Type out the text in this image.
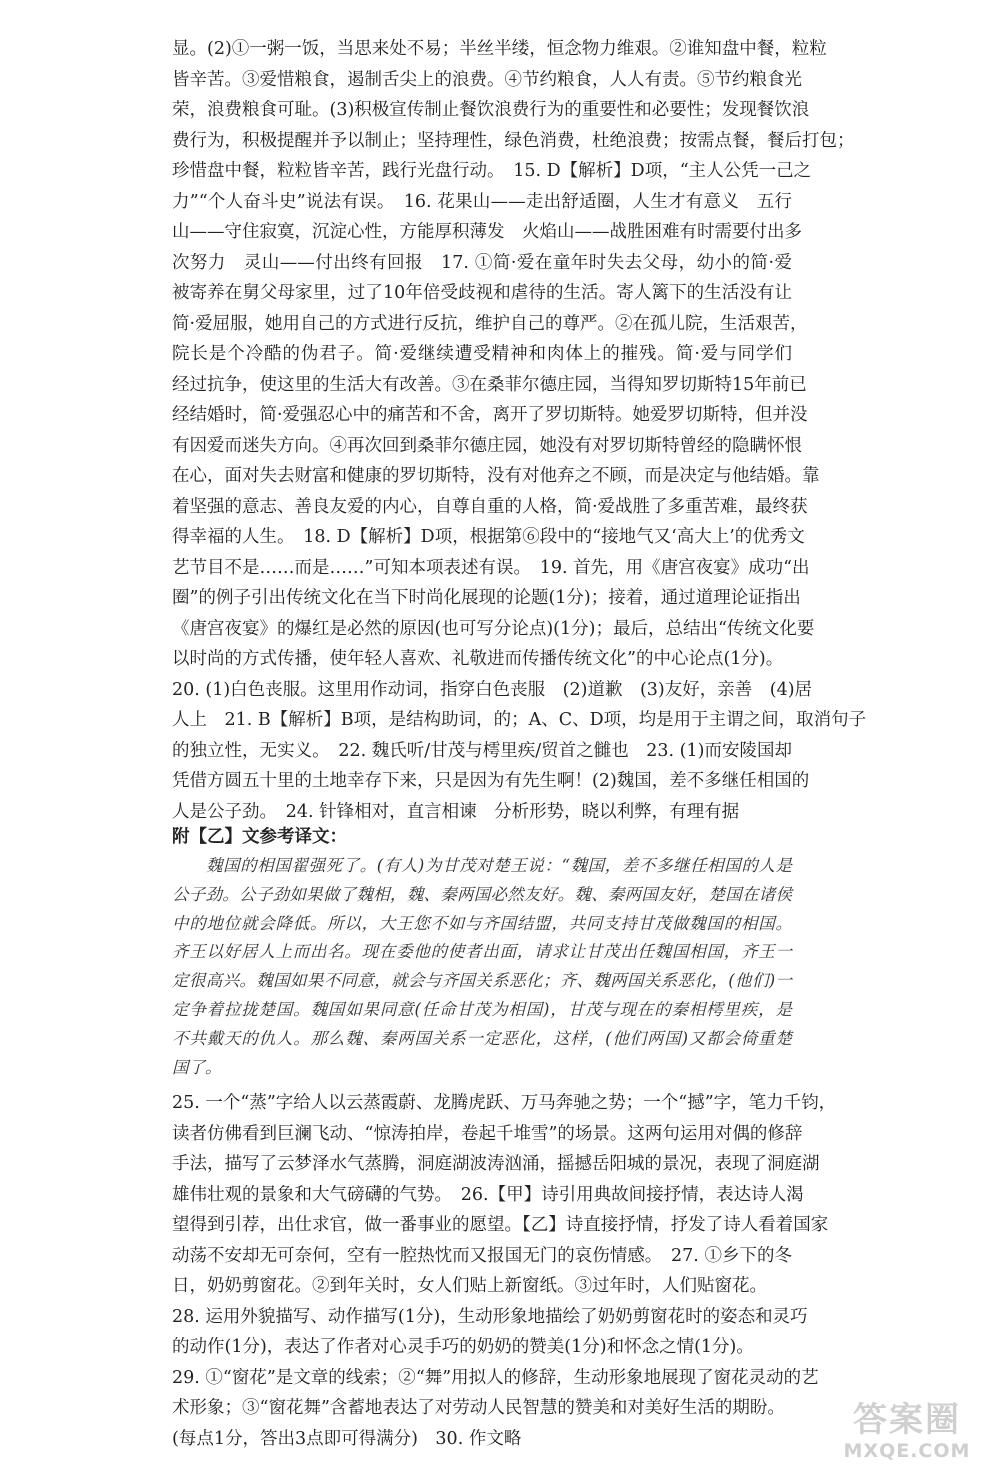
显。(2)①一粥一饭，当思来处不易；半丝半缕，恒念物力维艰。②谁知盘中餐，粒粒
皆辛苦。③爱惜粮食，遏制舌尖上的浪费。④节约粮食，人人有责。⑤节约粮食光
荣，浪费粮食可耻。(3)积极宣传制止餐饮浪费行为的重要性和必要性；发现餐饮浪
费行为，积极提醒并予以制止；坚持理性，绿色消费，杜绝浪费；按需点餐，餐后打包；
珍惜盘中餐，粒粒皆辛苦，践行光盘行动。　15. D【解析】D项，“主人公凭一己之
力”“个人奋斗史”说法有误。　16. 花果山——走出舒适圈，人生才有意义　五行
山——守住寂寞，沉淀心性，方能厚积薄发　火焰山——战胜困难有时需要付出多
次努力　灵山——付出终有回报　17. ①简·爱在童年时失去父母，幼小的简·爱
被寄养在舅父母家里，过了10年倍受歧视和虐待的生活。寄人篱下的生活没有让
简·爱屈服，她用自己的方式进行反抗，维护自己的尊严。②在孤儿院，生活艰苦，
院长是个冷酷的伪君子。简·爱继续遭受精神和肉体上的摧残。简·爱与同学们
经过抗争，使这里的生活大有改善。③在桑菲尔德庄园，当得知罗切斯特15年前已
经结婚时，简·爱强忍心中的痛苦和不舍，离开了罗切斯特。她爱罗切斯特，但并没
有因爱而迷失方向。④再次回到桑菲尔德庄园，她没有对罗切斯特曾经的隐瞒怀恨
在心，面对失去财富和健康的罗切斯特，没有对他弃之不顾，而是决定与他结婚。靠
着坚强的意志、善良友爱的内心，自尊自重的人格，简·爱战胜了多重苦难，最终获
得幸福的人生。　18. D【解析】D项，根据第⑥段中的“接地气又‘高大上’的优秀文
艺节目不是……而是……”可知本项表述有误。　19. 首先，用《唐宫夜宴》成功“出
圈”的例子引出传统文化在当下时尚化展现的论题(1分)；接着，通过道理论证指出
《唐宫夜宴》的爆红是必然的原因(也可写分论点)(1分)；最后，总结出“传统文化要
以时尚的方式传播，使年轻人喜欢、礼敬进而传播传统文化”的中心论点(1分)。
20. (1)白色丧服。这里用作动词，指穿白色丧服　(2)道歉　(3)友好，亲善　(4)居
人上　21. B【解析】B项，是结构助词，的；A、C、D项，均是用于主谓之间，取消句子
的独立性，无实义。　22. 魏氏听/甘茂与樗里疾/贸首之雠也　23. (1)而安陵国却
凭借方圆五十里的土地幸存下来，只是因为有先生啊！(2)魏国，差不多继任相国的
人是公子劲。　24. 针锋相对，直言相谏　分析形势，晓以利弊，有理有据
附【乙】文参考译文：
魏国的相国翟强死了。(有人)为甘茂对楚王说：“魏国，差不多继任相国的人是
公子劲。公子劲如果做了魏相，魏、秦两国必然友好。魏、秦两国友好，楚国在诸侯
中的地位就会降低。所以，大王您不如与齐国结盟，共同支持甘茂做魏国的相国。
齐王以好居人上而出名。现在委他的使者出面，请求让甘茂出任魏国相国，齐王一
定很高兴。魏国如果不同意，就会与齐国关系恶化；齐、魏两国关系恶化，(他们)一
定争着拉拢楚国。魏国如果同意(任命甘茂为相国)，甘茂与现在的秦相樗里疾，是
不共戴天的仇人。那么魏、秦两国关系一定恶化，这样，(他们两国)又都会倚重楚
国了。
25. 一个“蒸”字给人以云蒸霞蔚、龙腾虎跃、万马奔驰之势；一个“撼”字，笔力千钧，
读者仿佛看到巨澜飞动、“惊涛拍岸，卷起千堆雪”的场景。这两句运用对偶的修辞
手法，描写了云梦泽水气蒸腾，洞庭湖波涛汹涌，摇撼岳阳城的景况，表现了洞庭湖
雄伟壮观的景象和大气磅礴的气势。　26.【甲】诗引用典故间接抒情，表达诗人渴
望得到引荐，出仕求官，做一番事业的愿望。【乙】诗直接抒情，抒发了诗人看着国家
动荡不安却无可奈何，空有一腔热忱而又报国无门的哀伤情感。　27. ①乡下的冬
日，奶奶剪窗花。②到年关时，女人们贴上新窗纸。③过年时，人们贴窗花。
28. 运用外貌描写、动作描写(1分)，生动形象地描绘了奶奶剪窗花时的姿态和灵巧
的动作(1分)，表达了作者对心灵手巧的奶奶的赞美(1分)和怀念之情(1分)。
29. ①“窗花”是文章的线索；②“舞”用拟人的修辞，生动形象地展现了窗花灵动的艺
术形象；③“窗花舞”含蓄地表达了对劳动人民智慧的赞美和对美好生活的期盼。
(每点1分，答出3点即可得满分)　30. 作文略	答案圈
MXQE.COM
